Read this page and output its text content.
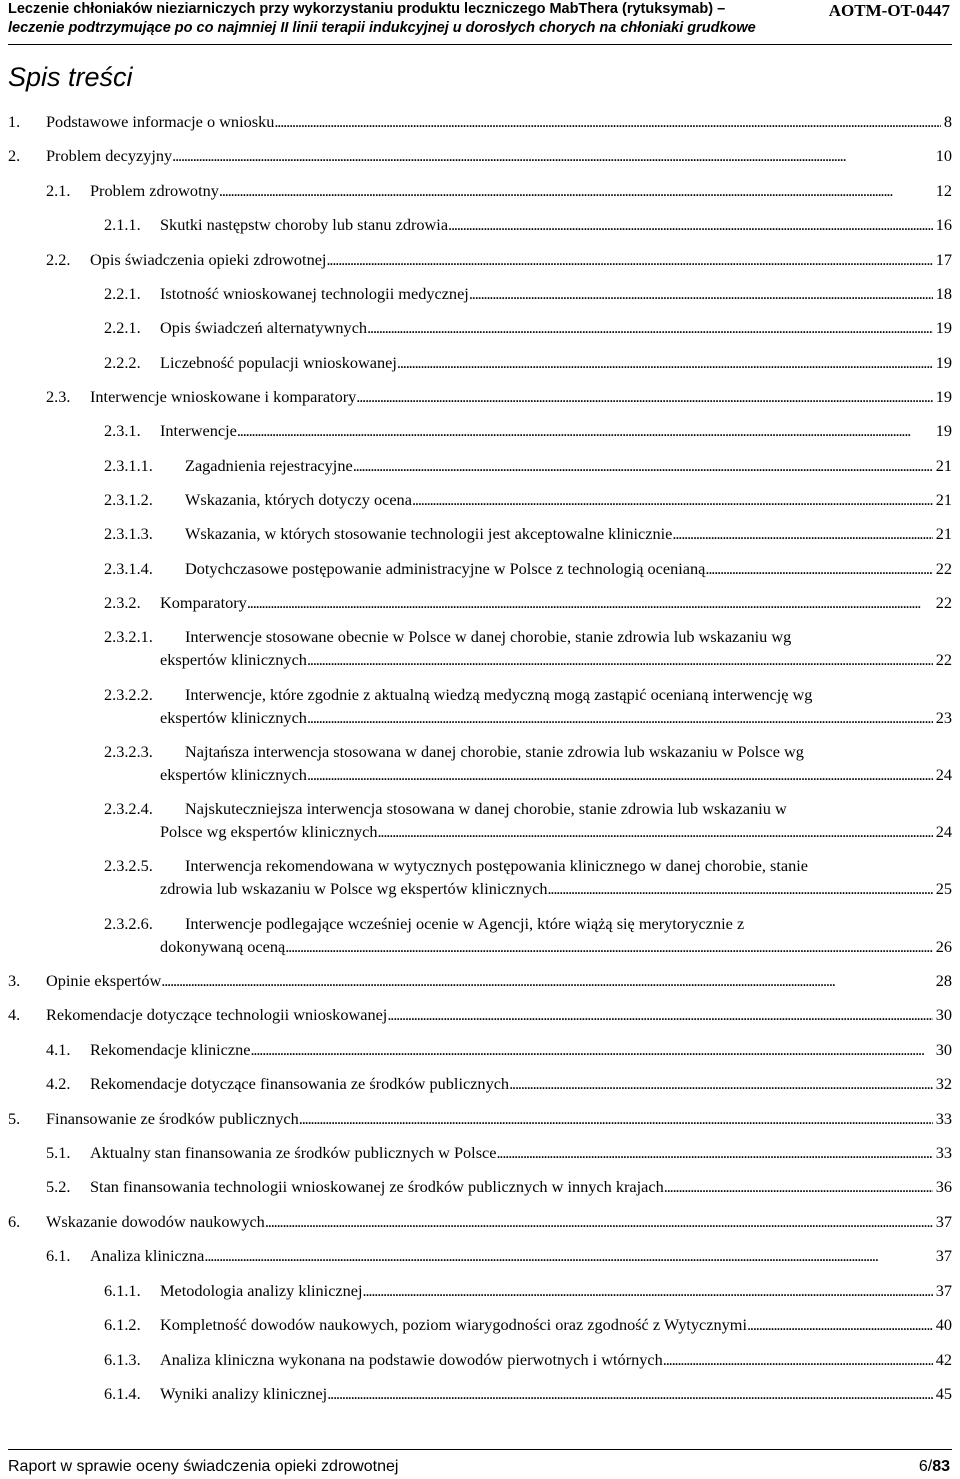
Leczenie chłoniaków nieziarniczych przy wykorzystaniu produktu leczniczego MabThera (rytuksymab) –
leczenie podtrzymujące po co najmniej II linii terapii indukcyjnej u dorosłych chorych na chłoniaki grudkowe
AOTM-OT-0447
Spis treści
1. Podstawowe informacje o wniosku . . .	8
2. Problem decyzyjny . . .	10
2.1. Problem zdrowotny . . .	12
2.1.1. Skutki następstw choroby lub stanu zdrowia . . .	16
2.2. Opis świadczenia opieki zdrowotnej . . .	17
2.2.1. Istotność wnioskowanej technologii medycznej . . .	18
2.2.1. Opis świadczeń alternatywnych . . .	19
2.2.2. Liczebność populacji wnioskowanej . . .	19
2.3. Interwencje wnioskowane i komparatory . . .	19
2.3.1. Interwencje . . .	19
2.3.1.1. Zagadnienia rejestracyjne . . .	21
2.3.1.2. Wskazania, których dotyczy ocena . . .	21
2.3.1.3. Wskazania, w których stosowanie technologii jest akceptowalne klinicznie . . .	21
2.3.1.4. Dotychczasowe postępowanie administracyjne w Polsce z technologią ocenianą . . .	22
2.3.2. Komparatory . . .	22
2.3.2.1. Interwencje stosowane obecnie w Polsce w danej chorobie, stanie zdrowia lub wskazaniu wg
ekspertów klinicznych . . .	22
2.3.2.2. Interwencje, które zgodnie z aktualną wiedzą medyczną mogą zastąpić ocenianą interwencję wg
ekspertów klinicznych . . .	23
2.3.2.3. Najtańsza interwencja stosowana w danej chorobie, stanie zdrowia lub wskazaniu w Polsce wg
ekspertów klinicznych . . .	24
2.3.2.4. Najskuteczniejsza interwencja stosowana w danej chorobie, stanie zdrowia lub wskazaniu w
Polsce wg ekspertów klinicznych . . .	24
2.3.2.5. Interwencja rekomendowana w wytycznych postępowania klinicznego w danej chorobie, stanie
zdrowia lub wskazaniu w Polsce wg ekspertów klinicznych . . .	25
2.3.2.6. Interwencje podlegające wcześniej ocenie w Agencji, które wiążą się merytorycznie z
dokonywaną oceną . . .	26
3. Opinie ekspertów . . .	28
4. Rekomendacje dotyczące technologii wnioskowanej . . .	30
4.1. Rekomendacje kliniczne . . .	30
4.2. Rekomendacje dotyczące finansowania ze środków publicznych . . .	32
5. Finansowanie ze środków publicznych . . .	33
5.1. Aktualny stan finansowania ze środków publicznych w Polsce . . .	33
5.2. Stan finansowania technologii wnioskowanej ze środków publicznych w innych krajach . . .	36
6. Wskazanie dowodów naukowych . . .	37
6.1. Analiza kliniczna . . .	37
6.1.1. Metodologia analizy klinicznej . . .	37
6.1.2. Kompletność dowodów naukowych, poziom wiarygodności oraz zgodność z Wytycznymi . . .	40
6.1.3. Analiza kliniczna wykonana na podstawie dowodów pierwotnych i wtórnych . . .	42
6.1.4. Wyniki analizy klinicznej . . .	45
Raport w sprawie oceny świadczenia opieki zdrowotnej	6/83
